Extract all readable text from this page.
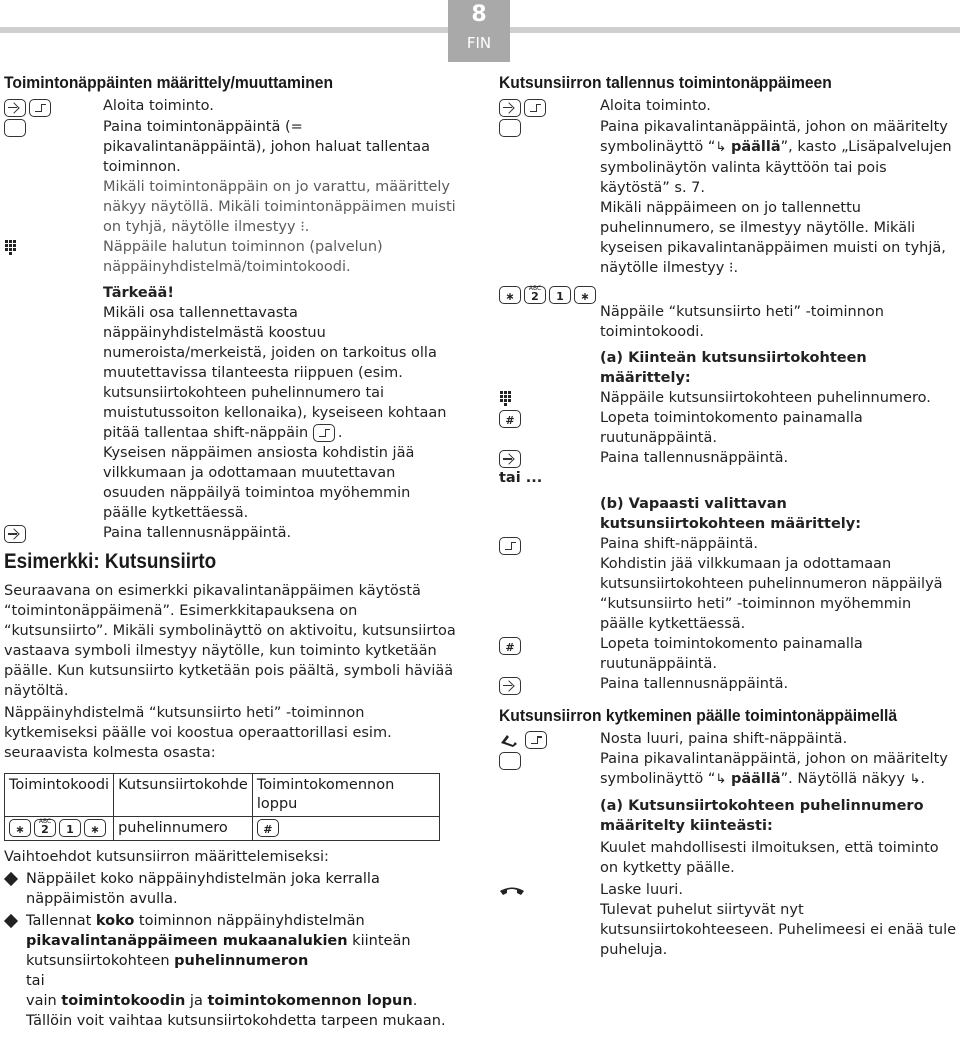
8
FIN
Toimintonäppäinten määrittely/muuttaminen
Aloita toiminto.
Paina toimintonäppäintä (= pikavalintanäppäintä), johon haluat tallentaa toiminnon.
Mikäli toimintonäppäin on jo varattu, määrittely näkyy näytöllä. Mikäli toimintonäppäimen muisti on tyhjä, näytölle ilmestyy ⁝.
Näppäile halutun toiminnon (palvelun) näppäinyhdistelmä/toimintokoodi.
Tärkeää!
Mikäli osa tallennettavasta näppäinyhdistelmästä koostuu numeroista/merkeistä, joiden on tarkoitus olla muutettavissa tilanteesta riippuen (esim. kutsunsiirtokohteen puhelinnumero tai muistutussoiton kellonaika), kyseiseen kohtaan pitää tallentaa shift-näppäin .
Kyseisen näppäimen ansiosta kohdistin jää vilkkumaan ja odottamaan muutettavan osuuden näppäilyä toimintoa myöhemmin päälle kytkettäessä.
Paina tallennusnäppäintä.
Esimerkki: Kutsunsiirto
Seuraavana on esimerkki pikavalintanäppäimen käytöstä “toimintonäppäimenä”. Esimerkkitapauksena on “kutsunsiirto”. Mikäli symbolinäyttö on aktivoitu, kutsunsiirtoa vastaava symboli ilmestyy näytölle, kun toiminto kytketään päälle. Kun kutsunsiirto kytketään pois päältä, symboli häviää näytöltä.
Näppäinyhdistelmä “kutsunsiirto heti” -toiminnon kytkemiseksi päälle voi koostua operaattorillasi esim. seuraavista kolmesta osasta:
Toimintokoodi	Kutsunsiirtokohde	Toimintokomennon loppu

∗
ABC
2 1 ∗	puhelinnumero	#
Vaihtoehdot kutsunsiirron määrittelemiseksi:
Näppäilet koko näppäinyhdistelmän joka kerralla näppäimistön avulla.
Tallennat koko toiminnon näppäinyhdistelmän pikavalintanäppäimeen mukaanalukien kiinteän kutsunsiirtokohteen puhelinnumeron
tai
vain toimintokoodin ja toimintokomennon lopun. Tällöin voit vaihtaa kutsunsiirtokohdetta tarpeen mukaan.
Kutsunsiirron tallennus toimintonäppäimeen
Aloita toiminto.
Paina pikavalintanäppäintä, johon on määritelty symbolinäyttö “↳ päällä”, kasto „Lisäpalvelujen symbolinäytön valinta käyttöön tai pois käytöstä” s. 7.
Mikäli näppäimeen on jo tallennettu puhelinnumero, se ilmestyy näytölle. Mikäli kyseisen pikavalintanäppäimen muisti on tyhjä, näytölle ilmestyy ⁝.
∗
ABC
2	1	∗
Näppäile “kutsunsiirto heti” -toiminnon toimintokoodi.
(a) Kiinteän kutsunsiirtokohteen määrittely:
Näppäile kutsunsiirtokohteen puhelinnumero.
#	Lopeta toimintokomento painamalla ruutunäppäintä.
Paina tallennusnäppäintä.
tai ...
(b) Vapaasti valittavan kutsunsiirtokohteen määrittely:
Paina shift-näppäintä.
Kohdistin jää vilkkumaan ja odottamaan kutsunsiirtokohteen puhelinnumeron näppäilyä “kutsunsiirto heti” -toiminnon myöhemmin päälle kytkettäessä.
#	Lopeta toimintokomento painamalla ruutunäppäintä.
Paina tallennusnäppäintä.
Kutsunsiirron kytkeminen päälle toimintonäppäimellä
Nosta luuri, paina shift-näppäintä.
Paina pikavalintanäppäintä, johon on määritelty symbolinäyttö “↳ päällä”. Näytöllä näkyy ↳.
(a) Kutsunsiirtokohteen puhelinnumero määritelty kiinteästi:
Kuulet mahdollisesti ilmoituksen, että toiminto on kytketty päälle.
Laske luuri.
Tulevat puhelut siirtyvät nyt kutsunsiirtokohteeseen. Puhelimeesi ei enää tule puheluja.
